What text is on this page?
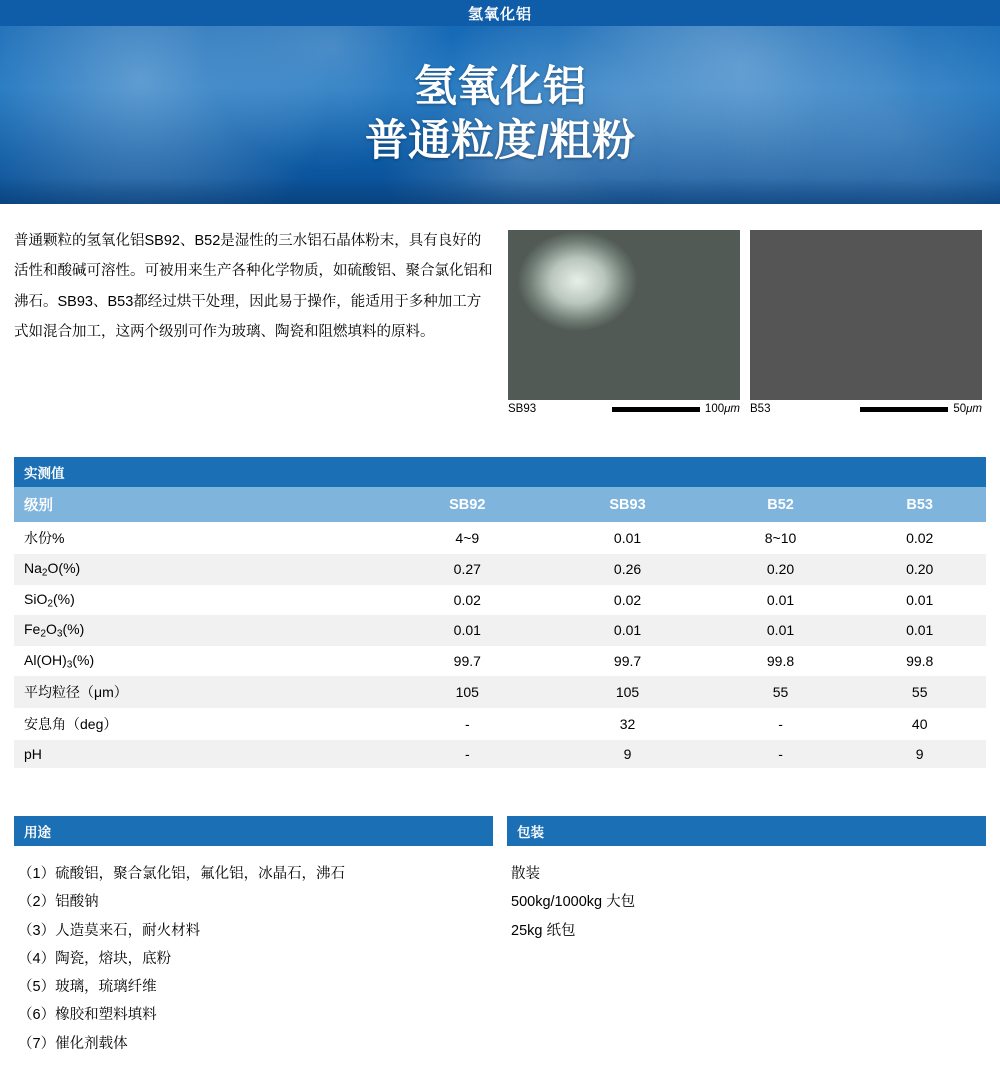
氢氧化铝
氢氧化铝
普通粒度/粗粉
普通颗粒的氢氧化铝SB92、B52是湿性的三水铝石晶体粉末，具有良好的活性和酸碱可溶性。可被用来生产各种化学物质，如硫酸铝、聚合氯化铝和沸石。SB93、B53都经过烘干处理，因此易于操作，能适用于多种加工方式如混合加工，这两个级别可作为玻璃、陶瓷和阻燃填料的原料。
SB93	100μm B53	50μm
实测值
级别	SB92	SB93	B52	B53
水份%	4~9	0.01	8~10	0.02
$Na_2O(\%)$	0.27	0.26	0.20	0.20
SiO$_2$(%)	0.02	0.02	0.01	0.01
$Fe_2O_3(\%)$	0.01	0.01	0.01	0.01
$Al(OH)_3(\%)$	99.7	99.7	99.8	99.8
平均粒径（μm）	105	105	55	55
安息角（deg）	-	32	-	40
pH	-	9	-	9
用途
（1）硫酸铝，聚合氯化铝，氟化铝，冰晶石，沸石
（2）铝酸钠
（3）人造莫来石，耐火材料
（4）陶瓷，熔块，底粉
（5）玻璃，琉璃纤维
（6）橡胶和塑料填料
（7）催化剂载体
包装
散装
500kg/1000kg 大包
25kg 纸包
